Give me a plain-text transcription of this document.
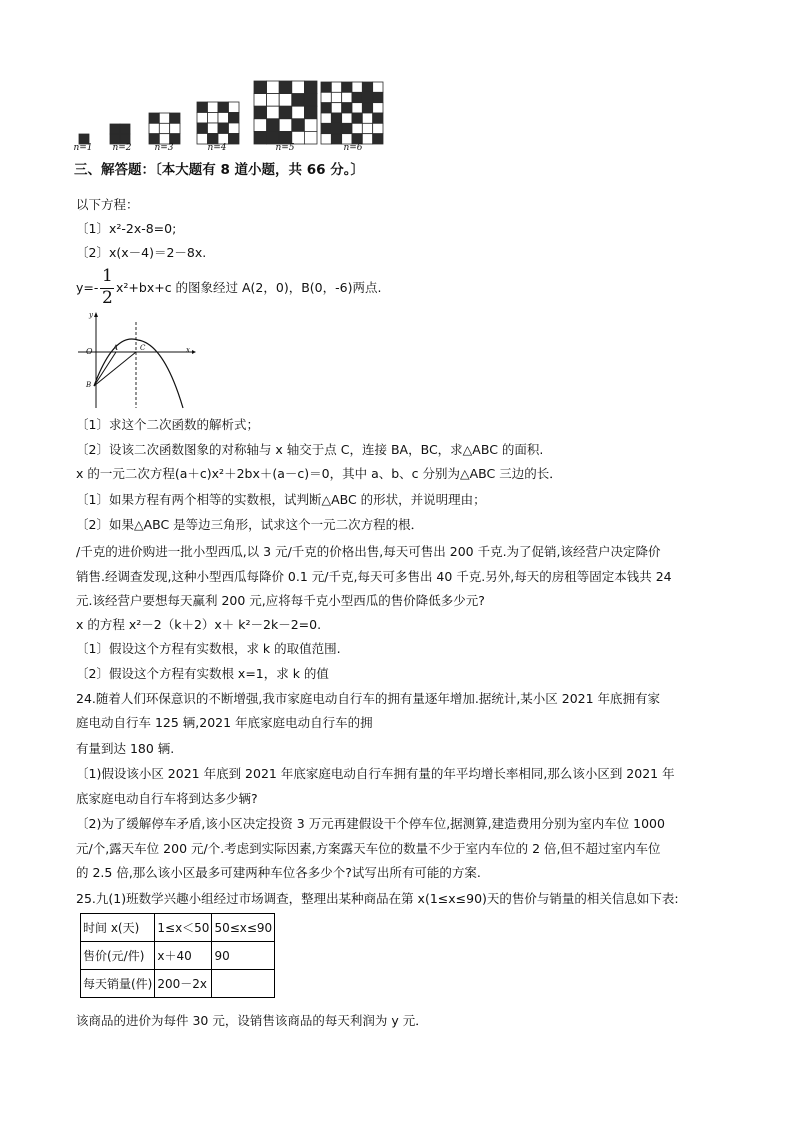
n=1 n=2	n=3	n=4	n=5	n=6
三、解答题：〔本大题有 8 道小题，共 66 分。〕
以下方程：
〔1〕x²-2x-8=0;
〔2〕x(x－4)＝2－8x.
y=-
1
2
x²+bx+c 的图象经过 A(2，0)，B(0，-6)两点.
y
x
O	A	C
B
〔1〕求这个二次函数的解析式；
〔2〕设该二次函数图象的对称轴与 x 轴交于点 C，连接 BA，BC，求△ABC 的面积.
x 的一元二次方程(a＋c)x²＋2bx＋(a－c)＝0，其中 a、b、c 分别为△ABC 三边的长．
〔1〕如果方程有两个相等的实数根，试判断△ABC 的形状，并说明理由；
〔2〕如果△ABC 是等边三角形，试求这个一元二次方程的根．
/千克的进价购进一批小型西瓜,以 3 元/千克的价格出售,每天可售出 200 千克.为了促销,该经营户决定降价
销售.经调查发现,这种小型西瓜每降价 0.1 元/千克,每天可多售出 40 千克.另外,每天的房租等固定本钱共 24
元.该经营户要想每天赢利 200 元,应将每千克小型西瓜的售价降低多少元?
x 的方程 x²－2（k＋2）x＋ k²－2k－2=0.
〔1〕假设这个方程有实数根，求 k 的取值范围.
〔2〕假设这个方程有实数根 x=1，求 k 的值
24.随着人们环保意识的不断增强,我市家庭电动自行车的拥有量逐年增加.据统计,某小区 2021 年底拥有家
庭电动自行车 125 辆,2021 年底家庭电动自行车的拥
有量到达 180 辆.
〔1)假设该小区 2021 年底到 2021 年底家庭电动自行车拥有量的年平均增长率相同,那么该小区到 2021 年
底家庭电动自行车将到达多少辆?
〔2)为了缓解停车矛盾,该小区决定投资 3 万元再建假设干个停车位,据测算,建造费用分别为室内车位 1000
元/个,露天车位 200 元/个.考虑到实际因素,方案露天车位的数量不少于室内车位的 2 倍,但不超过室内车位
的 2.5 倍,那么该小区最多可建两种车位各多少个?试写出所有可能的方案.
25.九(1)班数学兴趣小组经过市场调查，整理出某种商品在第 x(1≤x≤90)天的售价与销量的相关信息如下表:
时间 x(天)	1≤x＜50	50≤x≤90
售价(元/件)	x＋40	90
每天销量(件)	200－2x	
该商品的进价为每件 30 元，设销售该商品的每天利润为 y 元．
